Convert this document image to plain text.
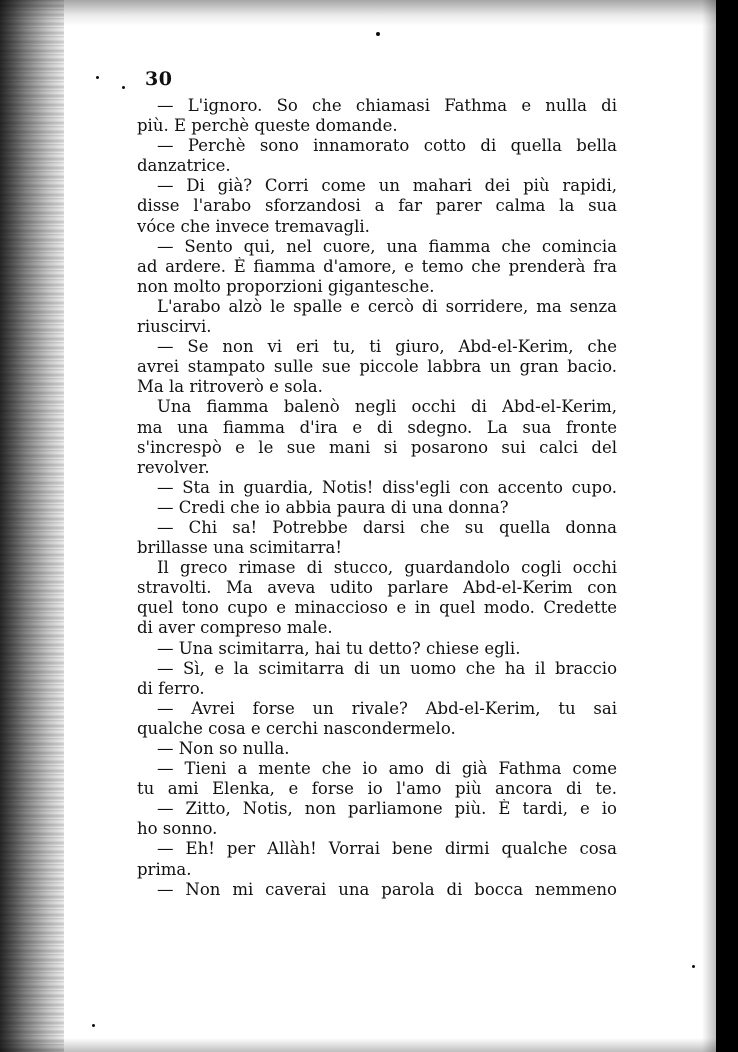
30
— L'ignoro. So che chiamasi Fathma e nulla di
più. E perchè queste domande.
— Perchè sono innamorato cotto di quella bella
danzatrice.
— Di già? Corri come un mahari dei più rapidi,
disse l'arabo sforzandosi a far parer calma la sua
vóce che invece tremavagli.
— Sento qui, nel cuore, una fiamma che comincia
ad ardere. È fiamma d'amore, e temo che prenderà fra
non molto proporzioni gigantesche.
L'arabo alzò le spalle e cercò di sorridere, ma senza
riuscirvi.
— Se non vi eri tu, ti giuro, Abd-el-Kerim, che
avrei stampato sulle sue piccole labbra un gran bacio.
Ma la ritroverò e sola.
Una fiamma balenò negli occhi di Abd-el-Kerim,
ma una fiamma d'ira e di sdegno. La sua fronte
s'increspò e le sue mani si posarono sui calci del
revolver.
— Sta in guardia, Notis! diss'egli con accento cupo.
— Credi che io abbia paura di una donna?
— Chi sa! Potrebbe darsi che su quella donna
brillasse una scimitarra!
Il greco rimase di stucco, guardandolo cogli occhi
stravolti. Ma aveva udito parlare Abd-el-Kerim con
quel tono cupo e minaccioso e in quel modo. Credette
di aver compreso male.
— Una scimitarra, hai tu detto? chiese egli.
— Sì, e la scimitarra di un uomo che ha il braccio
di ferro.
— Avrei forse un rivale? Abd-el-Kerim, tu sai
qualche cosa e cerchi nascondermelo.
— Non so nulla.
— Tieni a mente che io amo di già Fathma come
tu ami Elenka, e forse io l'amo più ancora di te.
— Zitto, Notis, non parliamone più. È tardi, e io
ho sonno.
— Eh! per Allàh! Vorrai bene dirmi qualche cosa
prima.
— Non mi caverai una parola di bocca nemmeno
